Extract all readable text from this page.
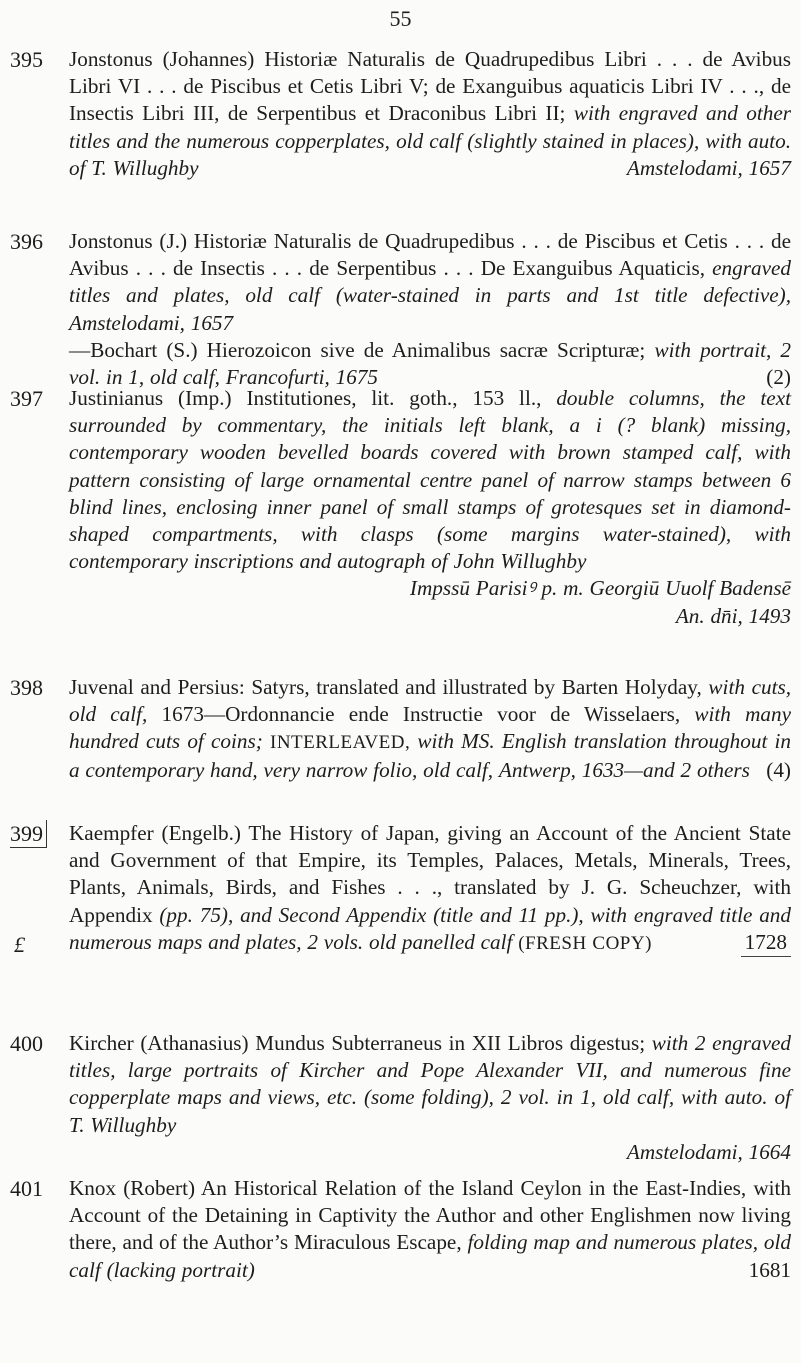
55
395 Jonstonus (Johannes) Historiæ Naturalis de Quadrupedibus Libri . . . de Avibus Libri VI . . . de Piscibus et Cetis Libri V; de Exanguibus aquaticis Libri IV . . ., de Insectis Libri III, de Serpentibus et Draconibus Libri II; with engraved and other titles and the numerous copperplates, old calf (slightly stained in places), with auto. of T. Willughby	Amstelodami, 1657
396 Jonstonus (J.) Historiæ Naturalis de Quadrupedibus . . . de Piscibus et Cetis . . . de Avibus . . . de Insectis . . . de Serpentibus . . . De Exanguibus Aquaticis, engraved titles and plates, old calf (water-stained in parts and 1st title defective), Amstelodami, 1657
—Bochart (S.) Hierozoicon sive de Animalibus sacræ Scripturæ; with portrait, 2 vol. in 1, old calf, Francofurti, 1675	(2)
397 Justinianus (Imp.) Institutiones, lit. goth., 153 ll., double columns, the text surrounded by commentary, the initials left blank, a i (? blank) missing, contemporary wooden bevelled boards covered with brown stamped calf, with pattern consisting of large ornamental centre panel of narrow stamps between 6 blind lines, enclosing inner panel of small stamps of grotesques set in diamond-shaped compartments, with clasps (some margins water-stained), with contemporary inscriptions and autograph of John Willughby
Impssū Parisiꝰ p. m. Georgiū Uuolf Badensē
An. dn̄i, 1493
398 Juvenal and Persius: Satyrs, translated and illustrated by Barten Holyday, with cuts, old calf, 1673—Ordonnancie ende Instructie voor de Wisselaers, with many hundred cuts of coins; INTERLEAVED, with MS. English translation throughout in a contemporary hand, very narrow folio, old calf, Antwerp, 1633—and 2 others (4)
399
£
Kaempfer (Engelb.) The History of Japan, giving an Account of the Ancient State and Government of that Empire, its Temples, Palaces, Metals, Minerals, Trees, Plants, Animals, Birds, and Fishes . . ., translated by J. G. Scheuchzer, with Appendix (pp. 75), and Second Appendix (title and 11 pp.), with engraved title and numerous maps and plates, 2 vols. old panelled calf (FRESH COPY)	1728
400 Kircher (Athanasius) Mundus Subterraneus in XII Libros digestus; with 2 engraved titles, large portraits of Kircher and Pope Alexander VII, and numerous fine copperplate maps and views, etc. (some folding), 2 vol. in 1, old calf, with auto. of T. Willughby
Amstelodami, 1664
401 Knox (Robert) An Historical Relation of the Island Ceylon in the East-Indies, with Account of the Detaining in Captivity the Author and other Englishmen now living there, and of the Author’s Miraculous Escape, folding map and numerous plates, old calf (lacking portrait)	1681
